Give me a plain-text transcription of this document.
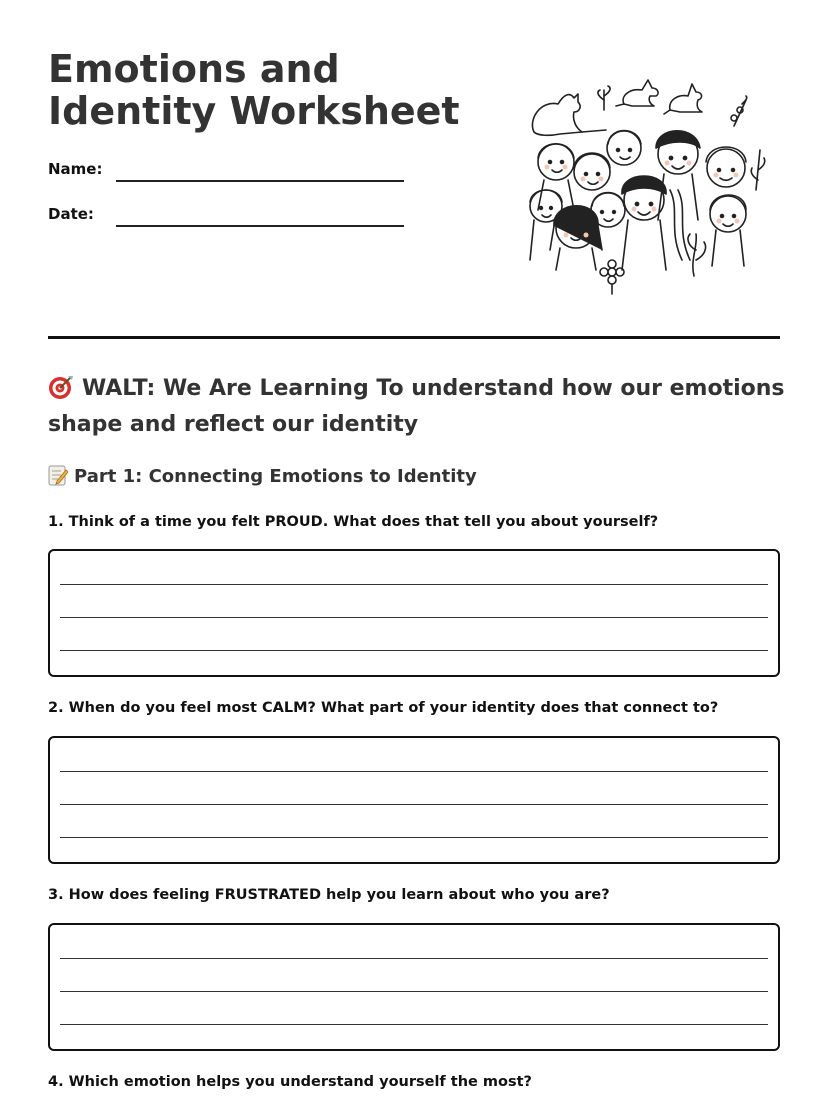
Emotions and Identity Worksheet
Name:
Date:
WALT: We Are Learning To understand how our emotions shape and reflect our identity
Part 1: Connecting Emotions to Identity

1. Think of a time you felt PROUD. What does that tell you about yourself?

2. When do you feel most CALM? What part of your identity does that connect to?

3. How does feeling FRUSTRATED help you learn about who you are?

4. Which emotion helps you understand yourself the most?
